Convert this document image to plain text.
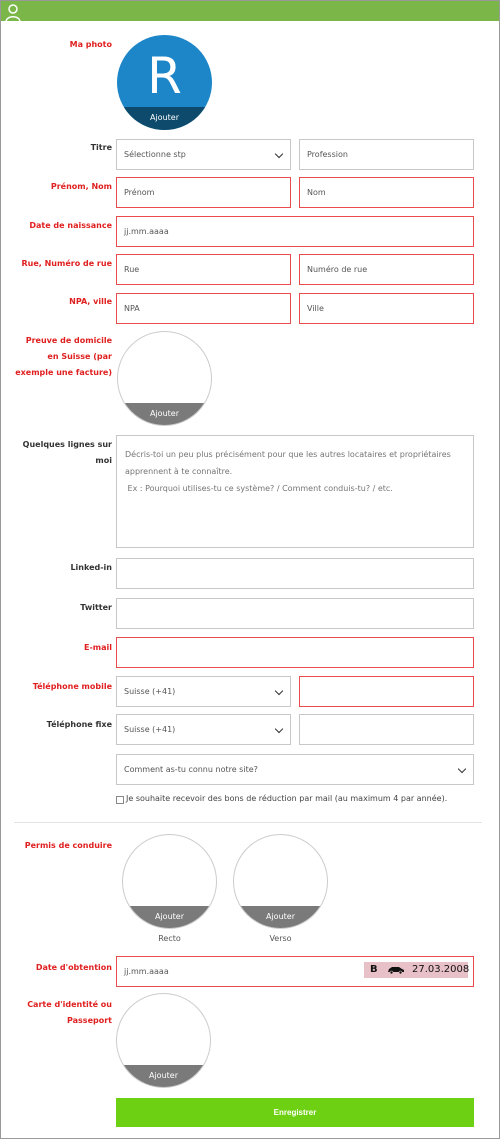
Ma photo
R
Ajouter
Titre
Sélectionne stp	Profession
Prénom, Nom
Prénom	Nom
Date de naissance
jj.mm.aaaa
Rue, Numéro de rue
Rue	Numéro de rue
NPA, ville
NPA	Ville
Preuve de domicile en Suisse (par exemple une facture)
Ajouter
Quelques lignes sur moi
Décris-toi un peu plus précisément pour que les autres locataires et propriétaires apprennent à te connaître. Ex : Pourquoi utilises-tu ce système? / Comment conduis-tu? / etc.
Linked-in
Twitter
E-mail
Téléphone mobile
Suisse (+41)
Téléphone fixe
Suisse (+41)
Comment as-tu connu notre site?
Je souhaite recevoir des bons de réduction par mail (au maximum 4 par année).
Permis de conduire
Ajouter
Recto
Ajouter
Verso
Date d'obtention	jj.mm.aaaa	B	27.03.2008
Carte d'identité ou Passeport
Ajouter
Enregistrer
